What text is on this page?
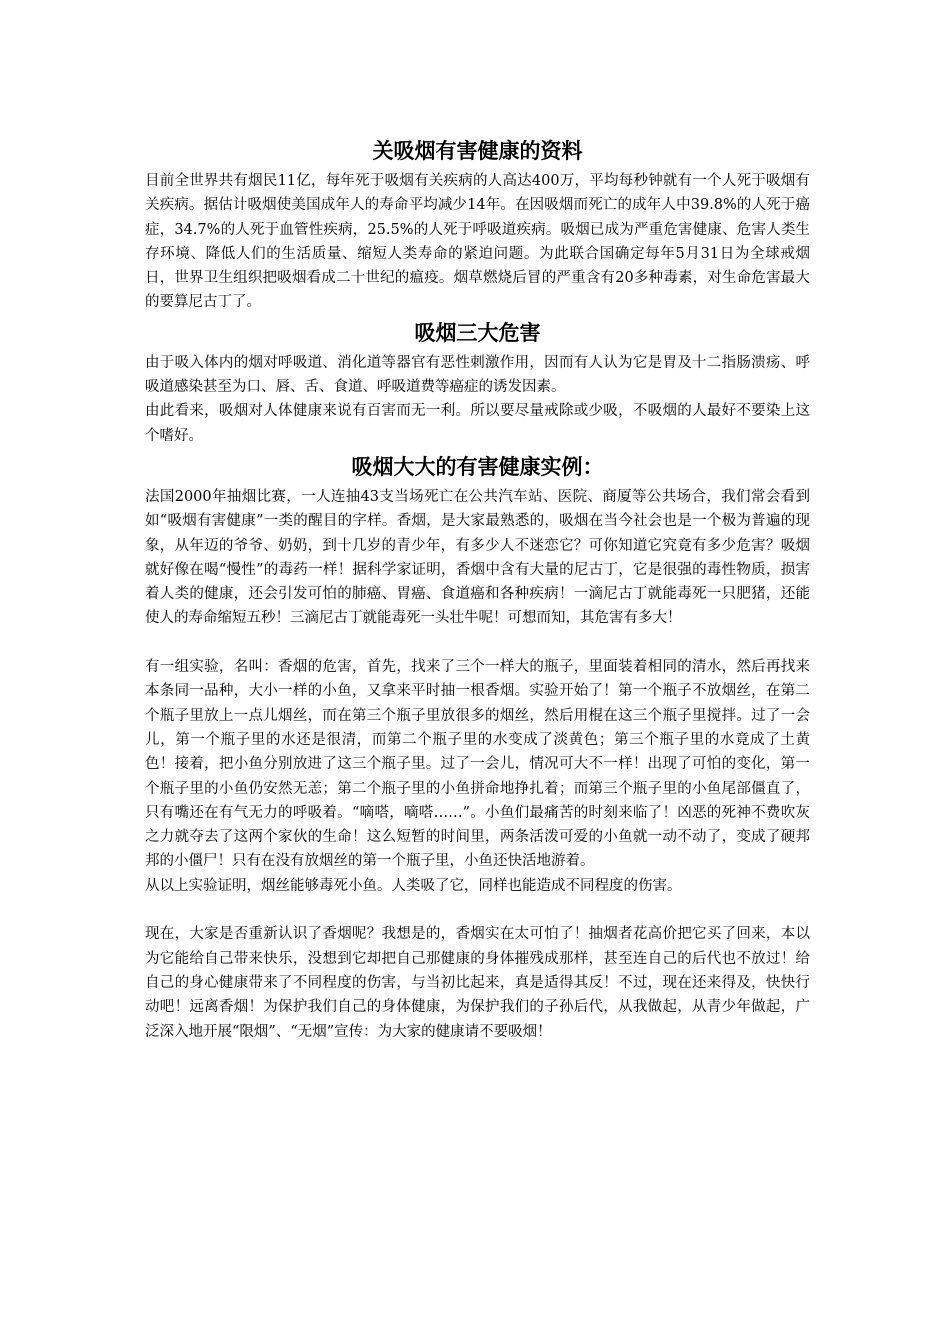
关吸烟有害健康的资料

目前全世界共有烟民11亿，每年死于吸烟有关疾病的人高达400万，平均每秒钟就有一个人死于吸烟有关疾病。据估计吸烟使美国成年人的寿命平均减少14年。在因吸烟而死亡的成年人中39.8%的人死于癌症，34.7%的人死于血管性疾病，25.5%的人死于呼吸道疾病。吸烟已成为严重危害健康、危害人类生存环境、降低人们的生活质量、缩短人类寿命的紧迫问题。为此联合国确定每年5月31日为全球戒烟日，世界卫生组织把吸烟看成二十世纪的瘟疫。烟草燃烧后冒的严重含有20多种毒素，对生命危害最大的要算尼古丁了。

吸烟三大危害

由于吸入体内的烟对呼吸道、消化道等器官有恶性刺激作用，因而有人认为它是胃及十二指肠溃疡、呼吸道感染甚至为口、唇、舌、食道、呼吸道费等癌症的诱发因素。

由此看来，吸烟对人体健康来说有百害而无一利。所以要尽量戒除或少吸，不吸烟的人最好不要染上这个嗜好。

吸烟大大的有害健康实例：

法国2000年抽烟比赛，一人连抽43支当场死亡在公共汽车站、医院、商厦等公共场合，我们常会看到如“吸烟有害健康”一类的醒目的字样。香烟，是大家最熟悉的，吸烟在当今社会也是一个极为普遍的现象，从年迈的爷爷、奶奶，到十几岁的青少年，有多少人不迷恋它？可你知道它究竟有多少危害？吸烟就好像在喝“慢性”的毒药一样！据科学家证明，香烟中含有大量的尼古丁，它是很强的毒性物质，损害着人类的健康，还会引发可怕的肺癌、胃癌、食道癌和各种疾病！一滴尼古丁就能毒死一只肥猪，还能使人的寿命缩短五秒！三滴尼古丁就能毒死一头壮牛呢！可想而知，其危害有多大！

有一组实验，名叫：香烟的危害，首先，找来了三个一样大的瓶子，里面装着相同的清水，然后再找来本条同一品种，大小一样的小鱼，又拿来平时抽一根香烟。实验开始了！第一个瓶子不放烟丝，在第二个瓶子里放上一点儿烟丝，而在第三个瓶子里放很多的烟丝，然后用棍在这三个瓶子里搅拌。过了一会儿，第一个瓶子里的水还是很清，而第二个瓶子里的水变成了淡黄色；第三个瓶子里的水竟成了土黄色！接着，把小鱼分别放进了这三个瓶子里。过了一会儿，情况可大不一样！出现了可怕的变化，第一个瓶子里的小鱼仍安然无恙；第二个瓶子里的小鱼拼命地挣扎着；而第三个瓶子里的小鱼尾部僵直了，只有嘴还在有气无力的呼吸着。“嘀嗒，嘀嗒……”。小鱼们最痛苦的时刻来临了！凶恶的死神不费吹灰之力就夺去了这两个家伙的生命！这么短暂的时间里，两条活泼可爱的小鱼就一动不动了，变成了硬邦邦的小僵尸！只有在没有放烟丝的第一个瓶子里，小鱼还快活地游着。

从以上实验证明，烟丝能够毒死小鱼。人类吸了它，同样也能造成不同程度的伤害。

现在，大家是否重新认识了香烟呢？我想是的，香烟实在太可怕了！抽烟者花高价把它买了回来，本以为它能给自己带来快乐，没想到它却把自己那健康的身体摧残成那样，甚至连自己的后代也不放过！给自己的身心健康带来了不同程度的伤害，与当初比起来，真是适得其反！不过，现在还来得及，快快行动吧！远离香烟！为保护我们自己的身体健康，为保护我们的子孙后代，从我做起，从青少年做起，广泛深入地开展“限烟”、“无烟”宣传：为大家的健康请不要吸烟！
